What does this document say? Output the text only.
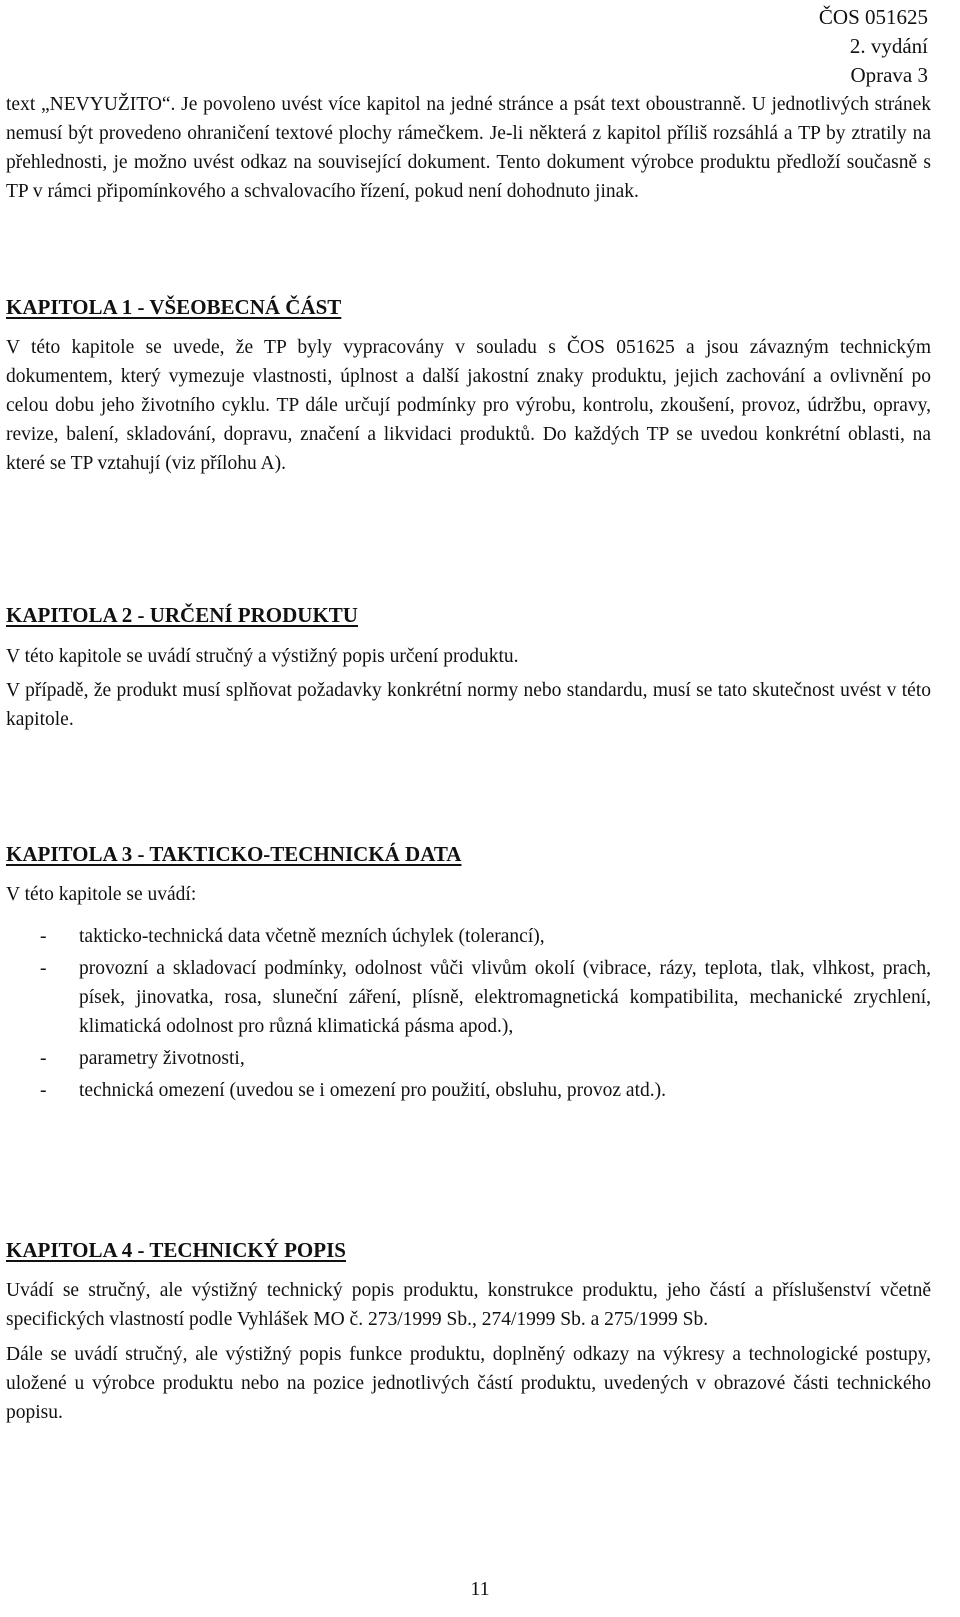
ČOS 051625
2. vydání
Oprava 3

text „NEVYUŽITO“. Je povoleno uvést více kapitol na jedné stránce a psát text oboustranně. U jednotlivých stránek nemusí být provedeno ohraničení textové plochy rámečkem. Je-li některá z kapitol příliš rozsáhlá a TP by ztratily na přehlednosti, je možno uvést odkaz na související dokument. Tento dokument výrobce produktu předloží současně s TP v rámci připomínkového a schvalovacího řízení, pokud není dohodnuto jinak.

KAPITOLA 1 - VŠEOBECNÁ ČÁST

V této kapitole se uvede, že TP byly vypracovány v souladu s ČOS 051625 a jsou závazným technickým dokumentem, který vymezuje vlastnosti, úplnost a další jakostní znaky produktu, jejich zachování a ovlivnění po celou dobu jeho životního cyklu. TP dále určují podmínky pro výrobu, kontrolu, zkoušení, provoz, údržbu, opravy, revize, balení, skladování, dopravu, značení a likvidaci produktů. Do každých TP se uvedou konkrétní oblasti, na které se TP vztahují (viz přílohu A).

KAPITOLA 2 - URČENÍ PRODUKTU

V této kapitole se uvádí stručný a výstižný popis určení produktu.

V případě, že produkt musí splňovat požadavky konkrétní normy nebo standardu, musí se tato skutečnost uvést v této kapitole.

KAPITOLA 3 - TAKTICKO-TECHNICKÁ DATA

V této kapitole se uvádí:

- takticko-technická data včetně mezních úchylek (tolerancí),
- provozní a skladovací podmínky, odolnost vůči vlivům okolí (vibrace, rázy, teplota, tlak, vlhkost, prach, písek, jinovatka, rosa, sluneční záření, plísně, elektromagnetická kompatibilita, mechanické zrychlení, klimatická odolnost pro různá klimatická pásma apod.),
- parametry životnosti,
- technická omezení (uvedou se i omezení pro použití, obsluhu, provoz atd.).
KAPITOLA 4 - TECHNICKÝ POPIS

Uvádí se stručný, ale výstižný technický popis produktu, konstrukce produktu, jeho částí a příslušenství včetně specifických vlastností podle Vyhlášek MO č. 273/1999 Sb., 274/1999 Sb. a 275/1999 Sb.

Dále se uvádí stručný, ale výstižný popis funkce produktu, doplněný odkazy na výkresy a technologické postupy, uložené u výrobce produktu nebo na pozice jednotlivých částí produktu, uvedených v obrazové části technického popisu.

11
